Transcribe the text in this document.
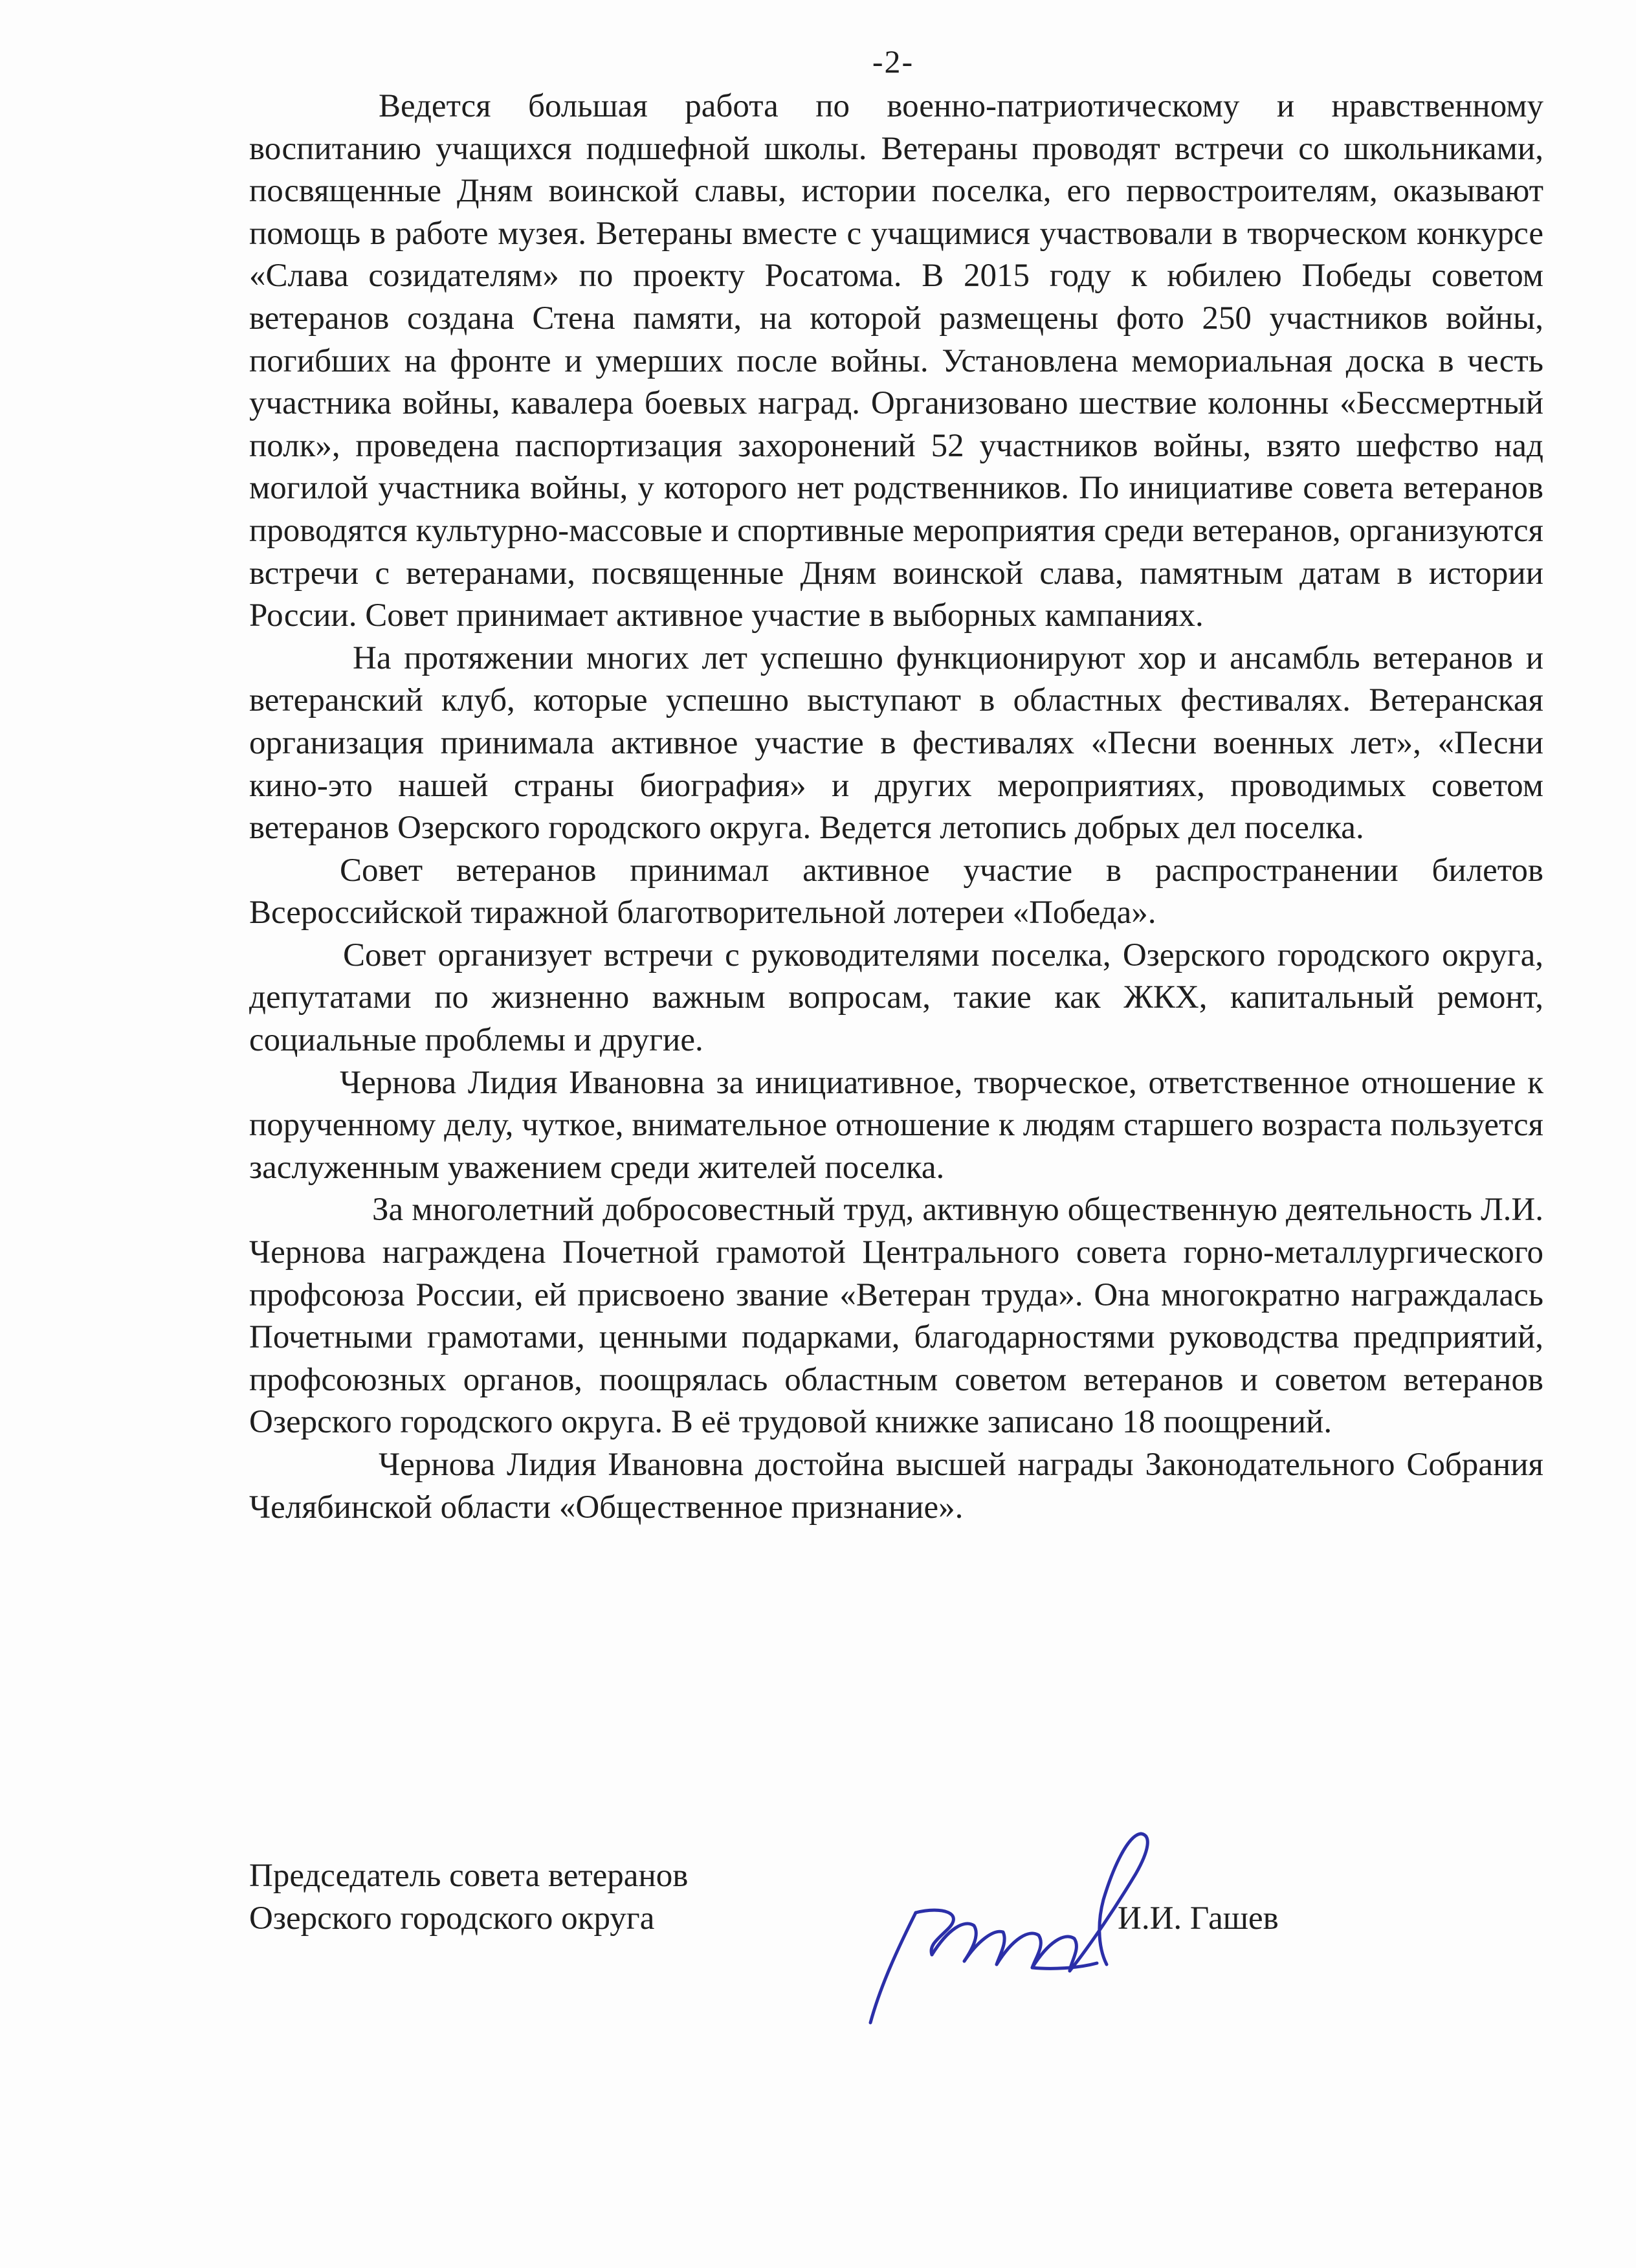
-2-

Ведется большая работа по военно-патриотическому и нравственному воспитанию учащихся подшефной школы. Ветераны проводят встречи со школьниками, посвященные Дням воинской славы, истории поселка, его первостроителям, оказывают помощь в работе музея. Ветераны вместе с учащимися участвовали в творческом конкурсе «Слава созидателям» по проекту Росатома. В 2015 году к юбилею Победы советом ветеранов создана Стена памяти, на которой размещены фото 250 участников войны, погибших на фронте и умерших после войны. Установлена мемориальная доска в честь участника войны, кавалера боевых наград. Организовано шествие колонны «Бессмертный полк», проведена паспортизация захоронений 52 участников войны, взято шефство над могилой участника войны, у которого нет родственников. По инициативе совета ветеранов проводятся культурно-массовые и спортивные мероприятия среди ветеранов, организуются встречи с ветеранами, посвященные Дням воинской слава, памятным датам в истории России. Совет принимает активное участие в выборных кампаниях.

На протяжении многих лет успешно функционируют хор и ансамбль ветеранов и ветеранский клуб, которые успешно выступают в областных фестивалях. Ветеранская организация принимала активное участие в фестивалях «Песни военных лет», «Песни кино-это нашей страны биография» и других мероприятиях, проводимых советом ветеранов Озерского городского округа. Ведется летопись добрых дел поселка.

Совет ветеранов принимал активное участие в распространении билетов Всероссийской тиражной благотворительной лотереи «Победа».

Совет организует встречи с руководителями поселка, Озерского городского округа, депутатами по жизненно важным вопросам, такие как ЖКХ, капитальный ремонт, социальные проблемы и другие.

Чернова Лидия Ивановна за инициативное, творческое, ответственное отношение к порученному делу, чуткое, внимательное отношение к людям старшего возраста пользуется заслуженным уважением среди жителей поселка.

За многолетний добросовестный труд, активную общественную деятельность Л.И. Чернова награждена Почетной грамотой Центрального совета горно-металлургического профсоюза России, ей присвоено звание «Ветеран труда». Она многократно награждалась Почетными грамотами, ценными подарками, благодарностями руководства предприятий, профсоюзных органов, поощрялась областным советом ветеранов и советом ветеранов Озерского городского округа. В её трудовой книжке записано 18 поощрений.

Чернова Лидия Ивановна достойна высшей награды Законодательного Собрания Челябинской области «Общественное признание».

Председатель совета ветеранов
Озерского городского округа	И.И. Гашев
